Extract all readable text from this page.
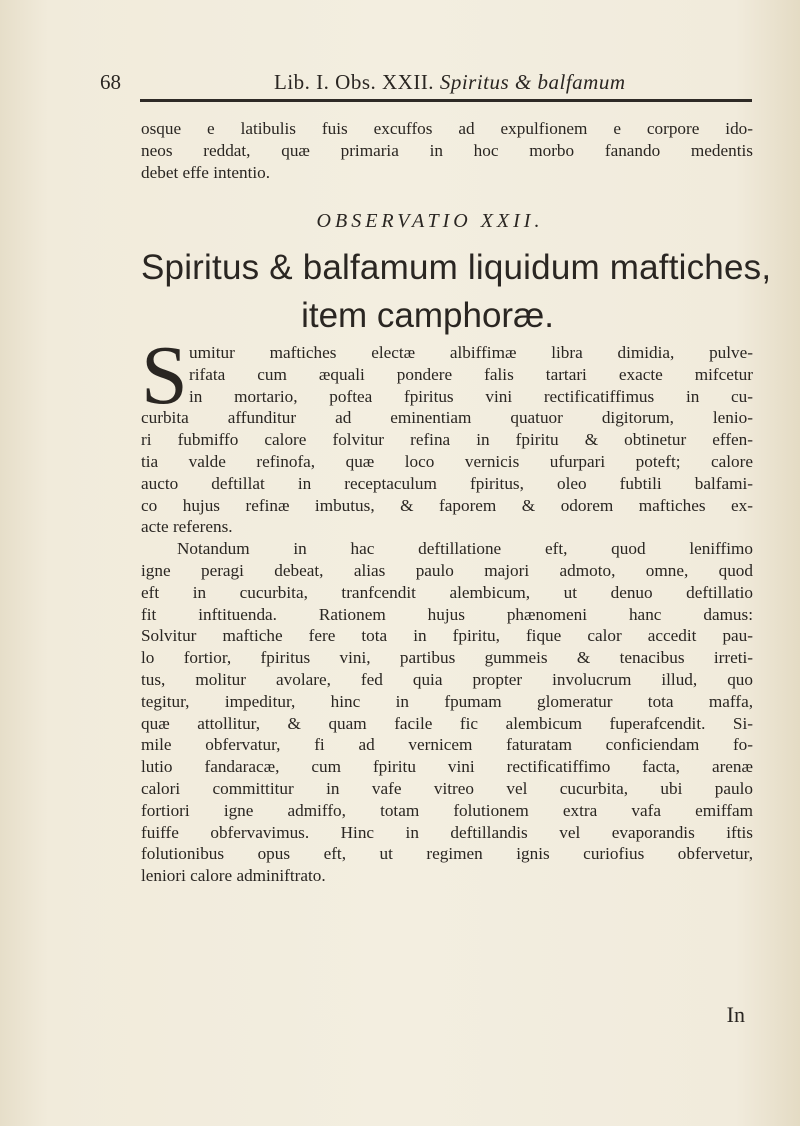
68	Lib. I. Obs. XXII. Spiritus & balfamum
osque e latibulis fuis excuffos ad expulfionem e corpore ido-
neos reddat, quæ primaria in hoc morbo fanando medentis
debet effe intentio.
OBSERVATIO XXII.
Spiritus & balfamum liquidum maftiches,
item camphoræ.
S umitur maftiches electæ albiffimæ libra dimidia, pulve-
rifata cum æquali pondere falis tartari exacte mifcetur
in mortario, poftea fpiritus vini rectificatiffimus in cu-
curbita affunditur ad eminentiam quatuor digitorum, lenio-
ri fubmiffo calore folvitur refina in fpiritu & obtinetur effen-
tia valde refinofa, quæ loco vernicis ufurpari poteft; calore
aucto deftillat in receptaculum fpiritus, oleo fubtili balfami-
co hujus refinæ imbutus, & faporem & odorem maftiches ex-
acte referens.
Notandum in hac deftillatione eft, quod leniffimo
igne peragi debeat, alias paulo majori admoto, omne, quod
eft in cucurbita, tranfcendit alembicum, ut denuo deftillatio
fit inftituenda. Rationem hujus phænomeni hanc damus:
Solvitur maftiche fere tota in fpiritu, fique calor accedit pau-
lo fortior, fpiritus vini, partibus gummeis & tenacibus irreti-
tus, molitur avolare, fed quia propter involucrum illud, quo
tegitur, impeditur, hinc in fpumam glomeratur tota maffa,
quæ attollitur, & quam facile fic alembicum fuperafcendit. Si-
mile obfervatur, fi ad vernicem faturatam conficiendam fo-
lutio fandaracæ, cum fpiritu vini rectificatiffimo facta, arenæ
calori committitur in vafe vitreo vel cucurbita, ubi paulo
fortiori igne admiffo, totam folutionem extra vafa emiffam
fuiffe obfervavimus. Hinc in deftillandis vel evaporandis iftis
folutionibus opus eft, ut regimen ignis curiofius obfervetur,
leniori calore adminiftrato.
In
